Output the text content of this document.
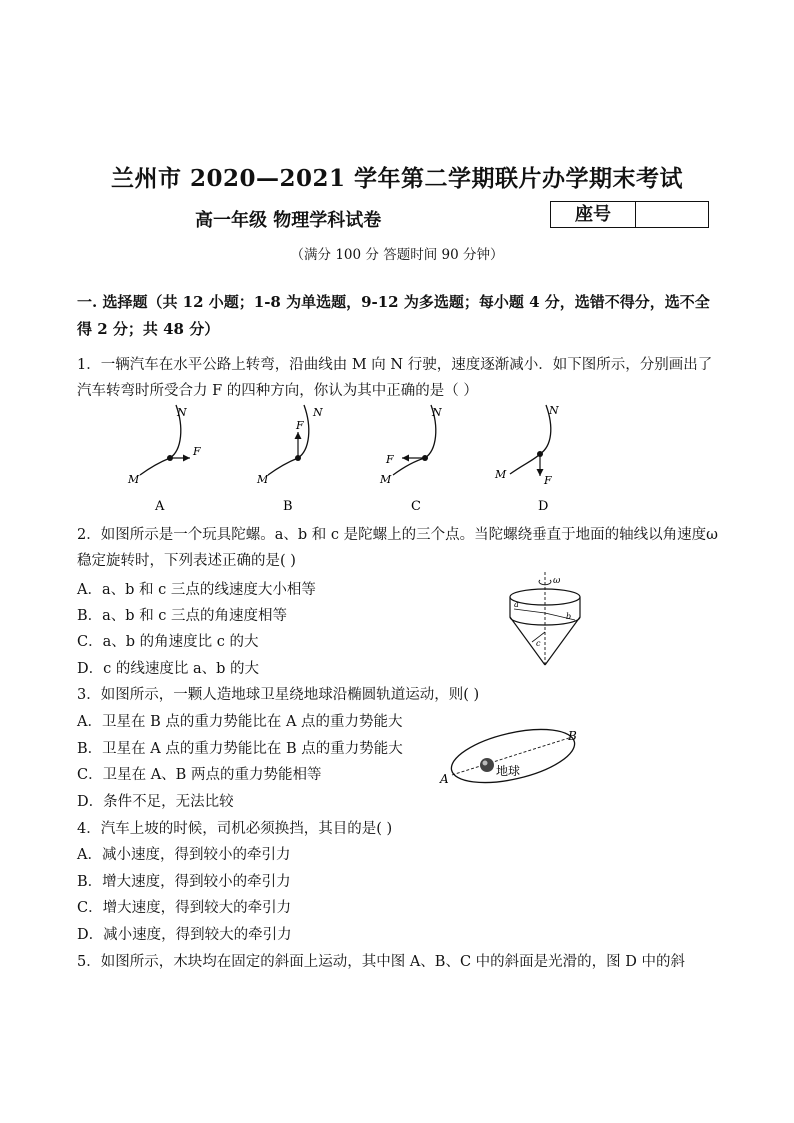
兰州市 2020—2021 学年第二学期联片办学期末考试
高一年级 物理学科试卷	座号
（满分 100 分 答题时间 90 分钟）
一. 选择题（共 12 小题；1-8 为单选题，9-12 为多选题；每小题 4 分，选错不得分，选不全得 2 分；共 48 分）
1．一辆汽车在水平公路上转弯，沿曲线由 M 向 N 行驶，速度逐渐减小．如下图所示，分别画出了汽车转弯时所受合力 F 的四种方向，你认为其中正确的是（ ）
M
N
F
A
M
N
F
B
M
N
F
C
M
N
F
D
2．如图所示是一个玩具陀螺。a、b 和 c 是陀螺上的三个点。当陀螺绕垂直于地面的轴线以角速度ω稳定旋转时，下列表述正确的是( )
A．a、b 和 c 三点的线速度大小相等
B．a、b 和 c 三点的角速度相等
C．a、b 的角速度比 c 的大
D．c 的线速度比 a、b 的大
ω
a
b
c
3．如图所示，一颗人造地球卫星绕地球沿椭圆轨道运动，则( )
A．卫星在 B 点的重力势能比在 A 点的重力势能大
B．卫星在 A 点的重力势能比在 B 点的重力势能大
C．卫星在 A、B 两点的重力势能相等
D．条件不足，无法比较
地球
A
B
4．汽车上坡的时候，司机必须换挡，其目的是( )
A．减小速度，得到较小的牵引力
B．增大速度，得到较小的牵引力
C．增大速度，得到较大的牵引力
D．减小速度，得到较大的牵引力
5．如图所示，木块均在固定的斜面上运动，其中图 A、B、C 中的斜面是光滑的，图 D 中的斜
